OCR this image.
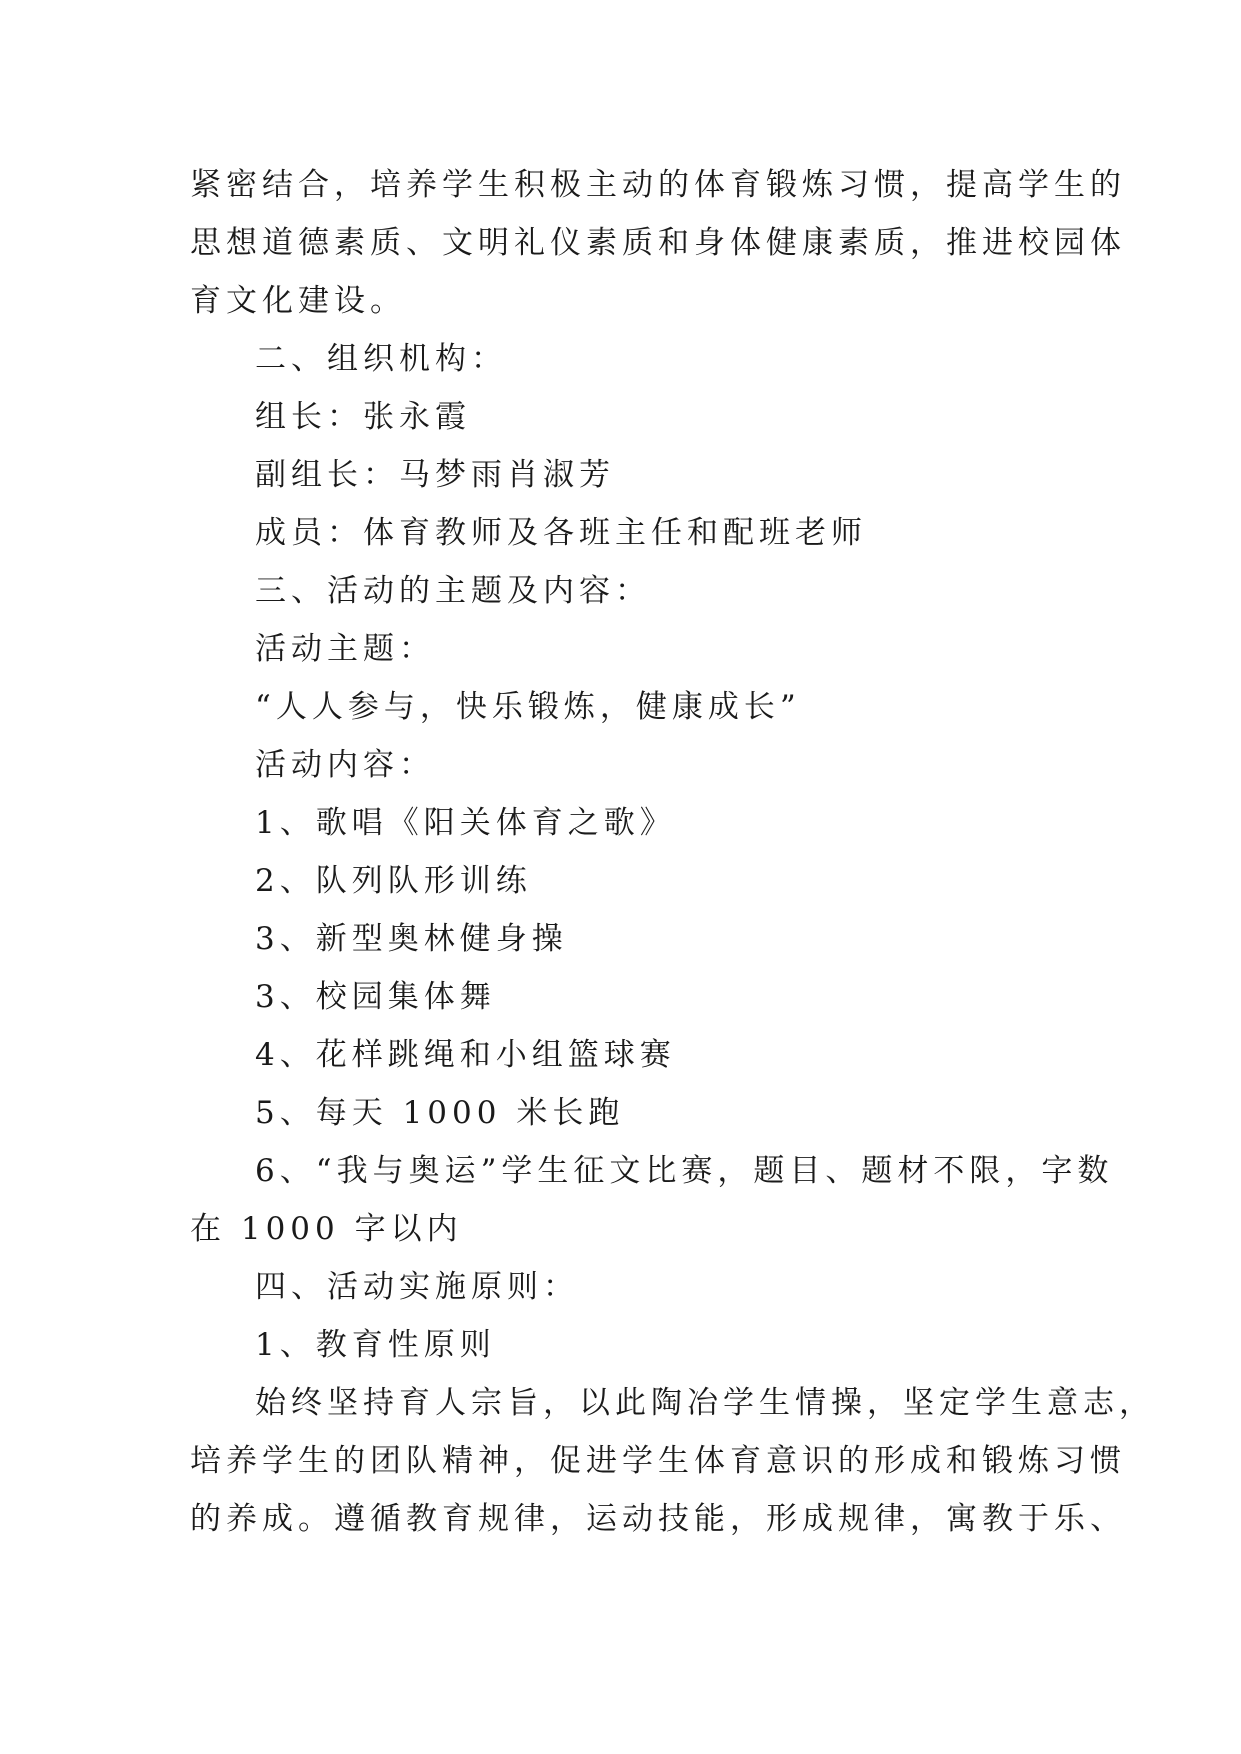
紧密结合，培养学生积极主动的体育锻炼习惯，提高学生的
思想道德素质、文明礼仪素质和身体健康素质，推进校园体
育文化建设。
二、组织机构：
组长：张永霞
副组长：马梦雨肖淑芳
成员：体育教师及各班主任和配班老师
三、活动的主题及内容：
活动主题：
“人人参与，快乐锻炼，健康成长”
活动内容：
1、歌唱《阳关体育之歌》
2、队列队形训练
3、新型奥林健身操
3、校园集体舞
4、花样跳绳和小组篮球赛
5、每天 1000 米长跑
6、“我与奥运”学生征文比赛，题目、题材不限，字数
在 1000 字以内
四、活动实施原则：
1、教育性原则
始终坚持育人宗旨，以此陶冶学生情操，坚定学生意志，
培养学生的团队精神，促进学生体育意识的形成和锻炼习惯
的养成。遵循教育规律，运动技能，形成规律，寓教于乐、
